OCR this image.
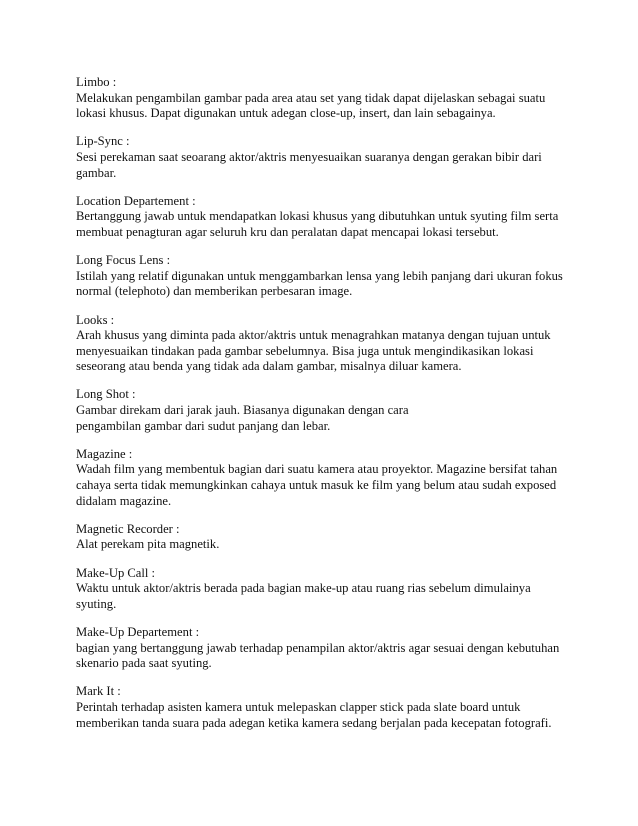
Limbo :
Melakukan pengambilan gambar pada area atau set yang tidak dapat dijelaskan sebagai suatu
lokasi khusus. Dapat digunakan untuk adegan close-up, insert, dan lain sebagainya.
Lip-Sync :
Sesi perekaman saat seoarang aktor/aktris menyesuaikan suaranya dengan gerakan bibir dari
gambar.
Location Departement :
Bertanggung jawab untuk mendapatkan lokasi khusus yang dibutuhkan untuk syuting film serta
membuat penagturan agar seluruh kru dan peralatan dapat mencapai lokasi tersebut.
Long Focus Lens :
Istilah yang relatif digunakan untuk menggambarkan lensa yang lebih panjang dari ukuran fokus
normal (telephoto) dan memberikan perbesaran image.
Looks :
Arah khusus yang diminta pada aktor/aktris untuk menagrahkan matanya dengan tujuan untuk
menyesuaikan tindakan pada gambar sebelumnya. Bisa juga untuk mengindikasikan lokasi
seseorang atau benda yang tidak ada dalam gambar, misalnya diluar kamera.
Long Shot :
Gambar direkam dari jarak jauh. Biasanya digunakan dengan cara
pengambilan gambar dari sudut panjang dan lebar.
Magazine :
Wadah film yang membentuk bagian dari suatu kamera atau proyektor. Magazine bersifat tahan
cahaya serta tidak memungkinkan cahaya untuk masuk ke film yang belum atau sudah exposed
didalam magazine.
Magnetic Recorder :
Alat perekam pita magnetik.
Make-Up Call :
Waktu untuk aktor/aktris berada pada bagian make-up atau ruang rias sebelum dimulainya
syuting.
Make-Up Departement :
bagian yang bertanggung jawab terhadap penampilan aktor/aktris agar sesuai dengan kebutuhan
skenario pada saat syuting.
Mark It :
Perintah terhadap asisten kamera untuk melepaskan clapper stick pada slate board untuk
memberikan tanda suara pada adegan ketika kamera sedang berjalan pada kecepatan fotografi.
